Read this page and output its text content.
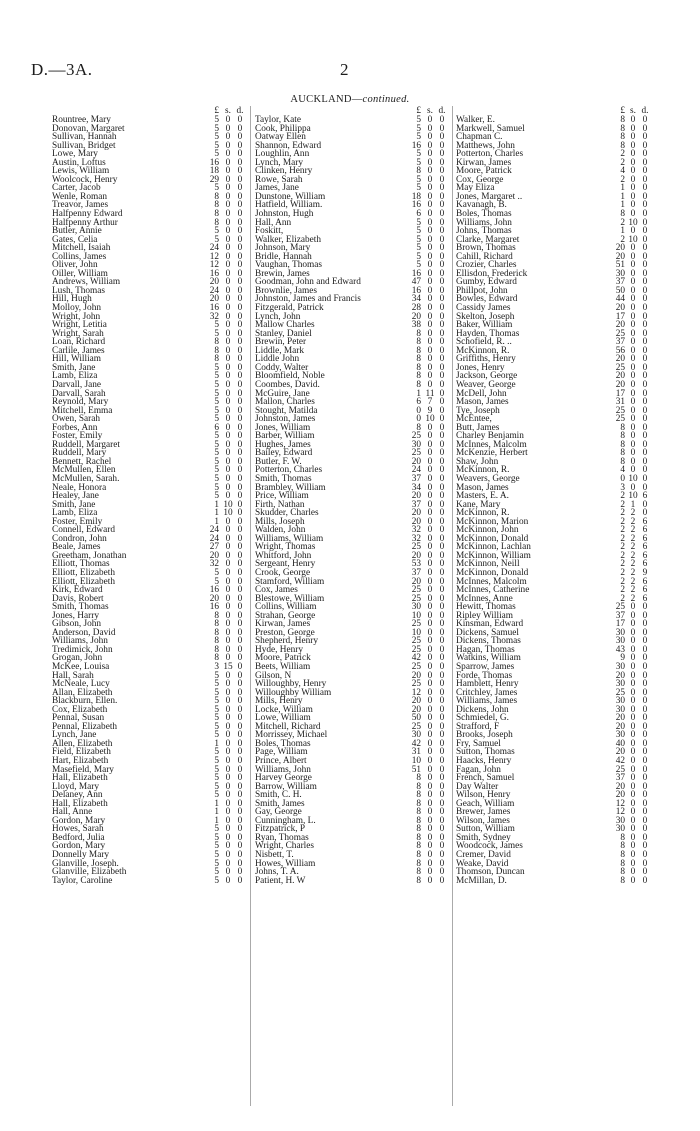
D.—3A.	2
AUCKLAND—continued.
£ s. d.
Rountree, Mary	5 0 0
Donovan, Margaret	5 0 0
Sullivan, Hannah	5 0 0
Sullivan, Bridget	5 0 0
Lowe, Mary	5 0 0
Austin, Loftus	16 0 0
Lewis, William	18 0 0
Woolcock, Henry	29 0 0
Carter, Jacob	5 0 0
Wenle, Roman	8 0 0
Treavor, James	8 0 0
Halfpenny Edward	8 0 0
Halfpenny Arthur	8 0 0
Butler, Annie	5 0 0
Gates, Celia	5 0 0
Mitchell, Isaiah	24 0 0
Collins, James	12 0 0
Oliver, John	12 0 0
Oiller, William	16 0 0
Andrews, William	20 0 0
Lush, Thomas	24 0 0
Hill, Hugh	20 0 0
Molloy, John	16 0 0
Wright, John	32 0 0
Wright, Letitia	5 0 0
Wright, Sarah	5 0 0
Loan, Richard	8 0 0
Carlile, James	8 0 0
Hill, William	8 0 0
Smith, Jane	5 0 0
Lamb, Eliza	5 0 0
Darvall, Jane	5 0 0
Darvall, Sarah	5 0 0
Reynold, Mary	5 0 0
Mitchell, Emma	5 0 0
Owen, Sarah	5 0 0
Forbes, Ann	6 0 0
Foster, Emily	5 0 0
Ruddell, Margaret	5 0 0
Ruddell, Mary	5 0 0
Bennett, Rachel	5 0 0
McMullen, Ellen	5 0 0
McMullen, Sarah.	5 0 0
Neale, Honora	5 0 0
Healey, Jane	5 0 0
Smith, Jane	1 10 0
Lamb, Eliza	1 10 0
Foster, Emily	1 0 0
Connell, Edward	24 0 0
Condron, John	24 0 0
Beale, James	27 0 0
Greetham, Jonathan	20 0 0
Elliott, Thomas	32 0 0
Elliott, Elizabeth	5 0 0
Elliott, Elizabeth	5 0 0
Kirk, Edward	16 0 0
Davis, Robert	20 0 0
Smith, Thomas	16 0 0
Jones, Harry	8 0 0
Gibson, John	8 0 0
Anderson, David	8 0 0
Williams, John	8 0 0
Tredimick, John	8 0 0
Grogan, John	8 0 0
McKee, Louisa	3 15 0
Hall, Sarah	5 0 0
McNeale, Lucy	5 0 0
Allan, Elizabeth	5 0 0
Blackburn, Ellen.	5 0 0
Cox, Elizabeth	5 0 0
Pennal, Susan	5 0 0
Pennal, Elizabeth	5 0 0
Lynch, Jane	5 0 0
Allen, Elizabeth	1 0 0
Field, Elizabeth	5 0 0
Hart, Elizabeth	5 0 0
Masefield, Mary	5 0 0
Hall, Elizabeth	5 0 0
Lloyd, Mary	5 0 0
Delaney, Ann	5 0 0
Hall, Elizabeth	1 0 0
Hall, Anne	1 0 0
Gordon, Mary	1 0 0
Howes, Sarah	5 0 0
Bedford, Julia	5 0 0
Gordon, Mary	5 0 0
Donnelly Mary	5 0 0
Glanville, Joseph.	5 0 0
Glanville, Elizabeth	5 0 0
Taylor, Caroline	5 0 0
£ s. d.
Taylor, Kate	5 0 0
Cook, Philippa	5 0 0
Oatway Ellen	5 0 0
Shannon, Edward	16 0 0
Loughlin, Ann	5 0 0
Lynch, Mary	5 0 0
Clinken, Henry	8 0 0
Rowe, Sarah	5 0 0
James, Jane	5 0 0
Dunstone, William	18 0 0
Hatfield, William.	16 0 0
Johnston, Hugh	6 0 0
Hall, Ann	5 0 0
Foskitt,	5 0 0
Walker, Elizabeth	5 0 0
Johnson, Mary	5 0 0
Bridle, Hannah	5 0 0
Vaughan, Thomas	5 0 0
Brewin, James	16 0 0
Goodman, John and Edward	47 0 0
Brownlie, James	16 0 0
Johnston, James and Francis	34 0 0
Fitzgerald, Patrick	28 0 0
Lynch, John	20 0 0
Mallow Charles	38 0 0
Stanley, Daniel	8 0 0
Brewin, Peter	8 0 0
Liddle, Mark	8 0 0
Liddle John	8 0 0
Coddy, Walter	8 0 0
Bloomfield, Noble	8 0 0
Coombes, David.	8 0 0
McGuire, Jane	1 11 0
Mallon, Charles	6 7 0
Stought, Matilda	0 9 0
Johnston, James	0 10 0
Jones, William	8 0 0
Barber, William	25 0 0
Hughes, James	30 0 0
Bailey, Edward	25 0 0
Butler, F. W.	20 0 0
Potterton, Charles	24 0 0
Smith, Thomas	37 0 0
Brambley, William	34 0 0
Price, William	20 0 0
Firth, Nathan	37 0 0
Skudder, Charles	20 0 0
Mills, Joseph	20 0 0
Walden, John	32 0 0
Williams, William	32 0 0
Wright, Thomas	25 0 0
Whitford, John	20 0 0
Sergeant, Henry	53 0 0
Crook, George	37 0 0
Stamford, William	20 0 0
Cox, James	25 0 0
Blestowe, William	25 0 0
Collins, William	30 0 0
Strahan, George	10 0 0
Kirwan, James	25 0 0
Preston, George	10 0 0
Shepherd, Henry	25 0 0
Hyde, Henry	25 0 0
Moore, Patrick	42 0 0
Beets, William	25 0 0
Gilson, N	20 0 0
Willoughby, Henry	25 0 0
Willoughby William	12 0 0
Mills, Henry	20 0 0
Locke, William	20 0 0
Lowe, William	50 0 0
Mitchell, Richard	25 0 0
Morrissey, Michael	30 0 0
Boles, Thomas	42 0 0
Page, William	31 0 0
Prince, Albert	10 0 0
Williams, John	51 0 0
Harvey George	8 0 0
Barrow, William	8 0 0
Smith, C. H.	8 0 0
Smith, James	8 0 0
Gay, George	8 0 0
Cunningham, L.	8 0 0
Fitzpatrick, P	8 0 0
Ryan, Thomas	8 0 0
Wright, Charles	8 0 0
Nisbett, T.	8 0 0
Howes, William	8 0 0
Johns, T. A.	8 0 0
Patient, H. W	8 0 0
£ s. d.
Walker, E.	8 0 0
Markwell, Samuel	8 0 0
Chapman C.	8 0 0
Matthews, John	8 0 0
Potterton, Charles	2 0 0
Kirwan, James	2 0 0
Moore, Patrick	4 0 0
Cox, George	2 0 0
May Eliza	1 0 0
Jones, Margaret ..	1 0 0
Kavanagh, B.	1 0 0
Boles, Thomas	8 0 0
Williams, John	2 10 0
Johns, Thomas	1 0 0
Clarke, Margaret	2 10 0
Brown, Thomas	20 0 0
Cahill, Richard	20 0 0
Crozier, Charles	51 0 0
Ellisdon, Frederick	30 0 0
Gumby, Edward	37 0 0
Phillpot, John	50 0 0
Bowles, Edward	44 0 0
Cassidy James	20 0 0
Skelton, Joseph	17 0 0
Baker, William	20 0 0
Hayden, Thomas	25 0 0
Schofield, R. ..	37 0 0
McKinnon, R.	56 0 0
Griffiths, Henry	20 0 0
Jones, Henry	25 0 0
Jackson, George	20 0 0
Weaver, George	20 0 0
McDell, John	17 0 0
Mason, James	31 0 0
Tye, Joseph	25 0 0
McEntee,	25 0 0
Butt, James	8 0 0
Charley Benjamin	8 0 0
McInnes, Malcolm	8 0 0
McKenzie, Herbert	8 0 0
Shaw, John	8 0 0
McKinnon, R.	4 0 0
Weavers, George	0 10 0
Mason, James	3 0 0
Masters, E. A.	2 10 6
Kane, Mary	2 1 0
McKinnon, R.	2 2 0
McKinnon, Marion	2 2 6
McKinnon, John	2 2 6
McKinnon, Donald	2 2 6
McKinnon, Lachlan	2 2 6
McKinnon, William	2 2 6
McKinnon, Neill	2 2 6
McKinnon, Donald	2 2 9
McInnes, Malcolm	2 2 6
McInnes, Catherine	2 2 6
McInnes, Anne	2 2 6
Hewitt, Thomas	25 0 0
Ripley William	37 0 0
Kinsman, Edward	17 0 0
Dickens, Samuel	30 0 0
Dickens, Thomas	30 0 0
Hagan, Thomas	43 0 0
Watkins, William	9 0 0
Sparrow, James	30 0 0
Forde, Thomas	20 0 0
Hamblett, Henry	30 0 0
Critchley, James	25 0 0
Williams, James	30 0 0
Dickens, John	30 0 0
Schmiedel, G.	20 0 0
Strafford, F	20 0 0
Brooks, Joseph	30 0 0
Fry, Samuel	40 0 0
Sutton, Thomas	20 0 0
Haacks, Henry	42 0 0
Fagan, John	25 0 0
French, Samuel	37 0 0
Day Walter	20 0 0
Wilson, Henry	20 0 0
Geach, William	12 0 0
Brewer, James	12 0 0
Wilson, James	30 0 0
Sutton, William	30 0 0
Smith, Sydney	8 0 0
Woodcock, James	8 0 0
Cremer, David	8 0 0
Weake, David	8 0 0
Thomson, Duncan	8 0 0
McMillan, D.	8 0 0
